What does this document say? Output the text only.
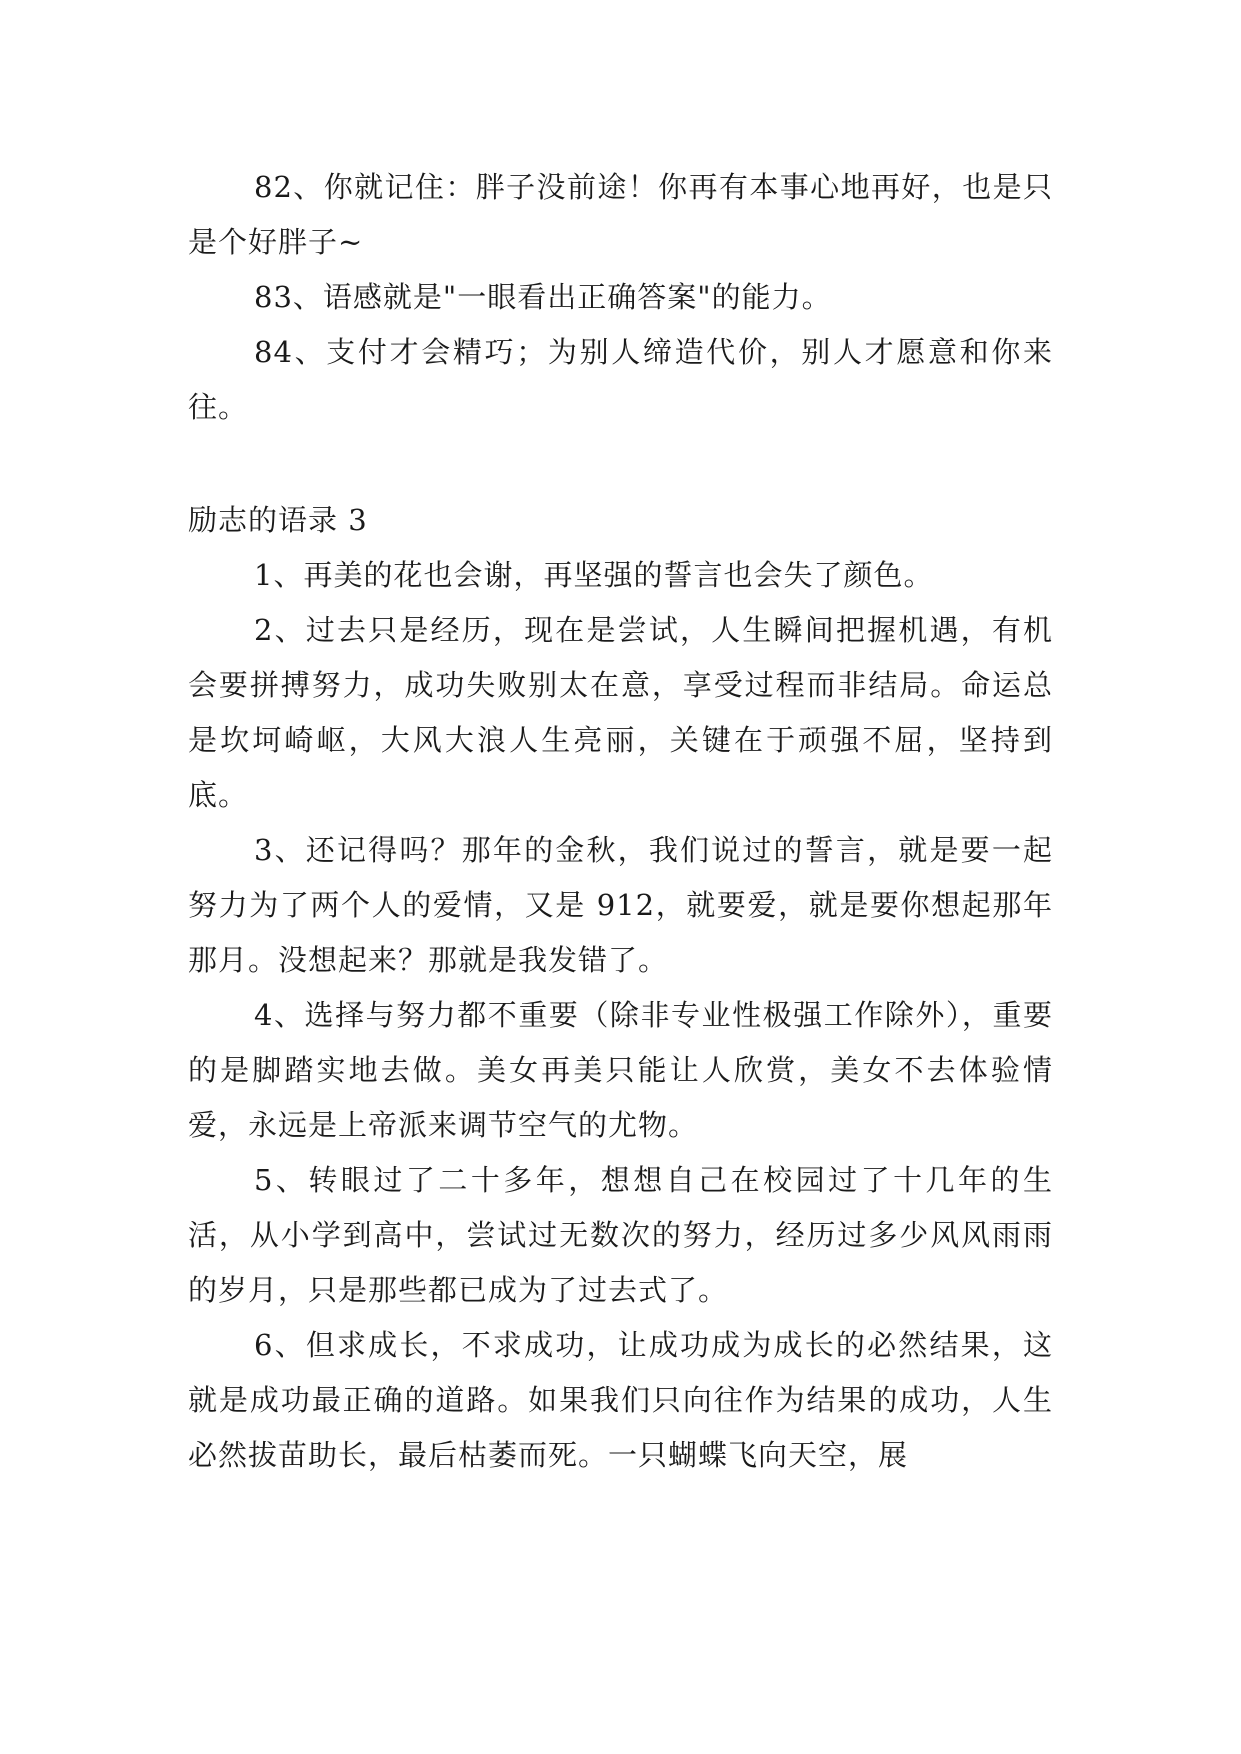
82、你就记住：胖子没前途！你再有本事心地再好，也是只是个好胖子~

83、语感就是"一眼看出正确答案"的能力。

84、支付才会精巧；为别人缔造代价，别人才愿意和你来往。

励志的语录 3

1、再美的花也会谢，再坚强的誓言也会失了颜色。

2、过去只是经历，现在是尝试，人生瞬间把握机遇，有机会要拼搏努力，成功失败别太在意，享受过程而非结局。命运总是坎坷崎岖，大风大浪人生亮丽，关键在于顽强不屈，坚持到底。

3、还记得吗？那年的金秋，我们说过的誓言，就是要一起努力为了两个人的爱情，又是 912，就要爱，就是要你想起那年那月。没想起来？那就是我发错了。

4、选择与努力都不重要（除非专业性极强工作除外），重要的是脚踏实地去做。美女再美只能让人欣赏，美女不去体验情爱，永远是上帝派来调节空气的尤物。

5、转眼过了二十多年，想想自己在校园过了十几年的生活，从小学到高中，尝试过无数次的努力，经历过多少风风雨雨的岁月，只是那些都已成为了过去式了。

6、但求成长，不求成功，让成功成为成长的必然结果，这就是成功最正确的道路。如果我们只向往作为结果的成功，人生必然拔苗助长，最后枯萎而死。一只蝴蝶飞向天空，展
